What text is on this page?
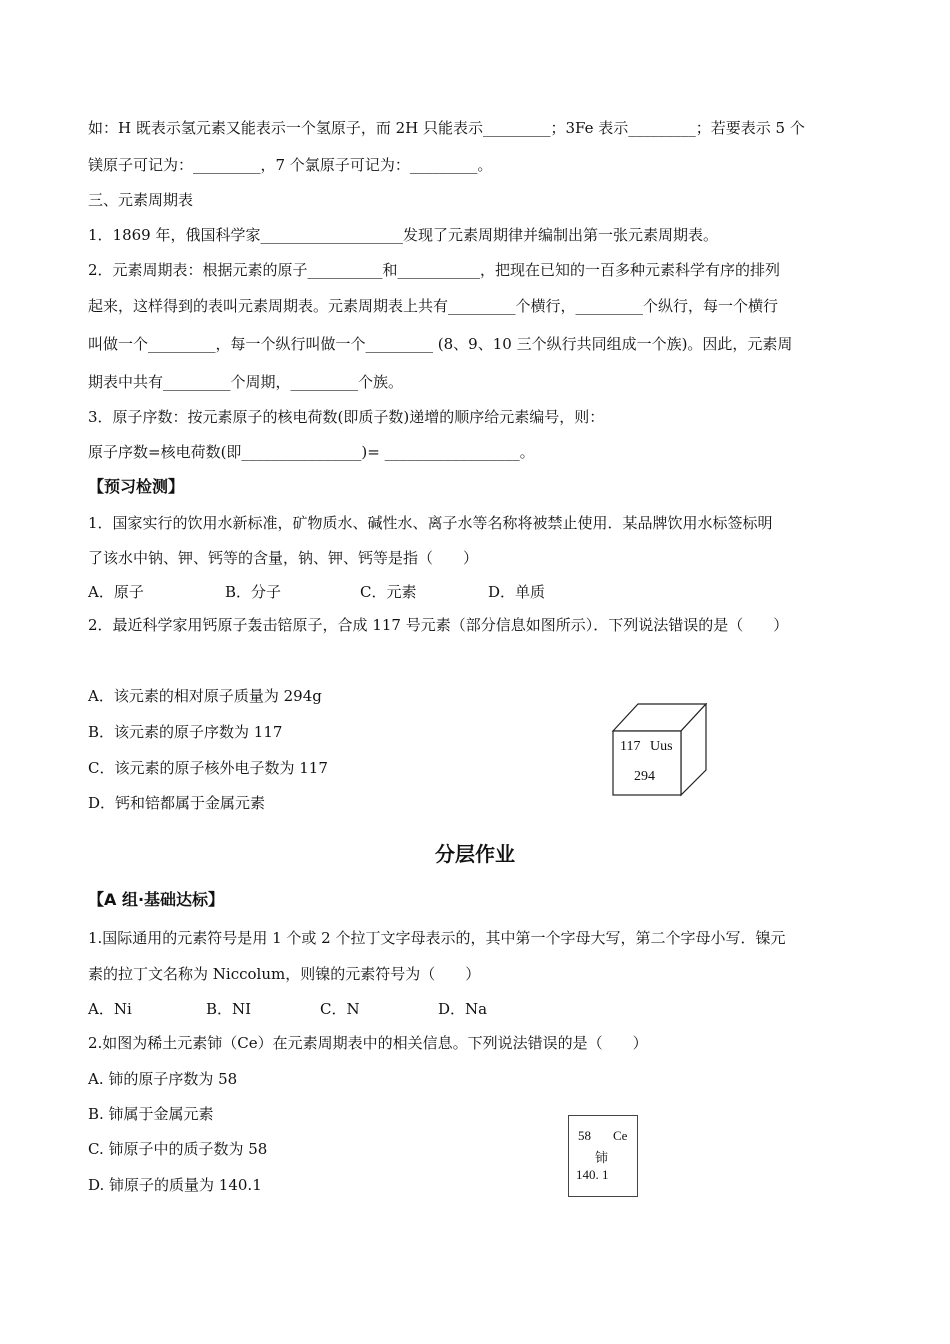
如：H 既表示氢元素又能表示一个氢原子，而 2H 只能表示_________；3Fe 表示_________；若要表示 5 个
镁原子可记为：_________，7 个氯原子可记为：_________。
三、元素周期表
1．1869 年，俄国科学家___________________发现了元素周期律并编制出第一张元素周期表。
2．元素周期表：根据元素的原子__________和___________，把现在已知的一百多种元素科学有序的排列
起来，这样得到的表叫元素周期表。元素周期表上共有_________个横行，_________个纵行，每一个横行
叫做一个_________，每一个纵行叫做一个_________ (8、9、10 三个纵行共同组成一个族)。因此，元素周
期表中共有_________个周期，_________个族。
3．原子序数：按元素原子的核电荷数(即质子数)递增的顺序给元素编号，则：
原子序数=核电荷数(即________________)= __________________。
【预习检测】
1．国家实行的饮用水新标准，矿物质水、碱性水、离子水等名称将被禁止使用．某品牌饮用水标签标明
了该水中钠、钾、钙等的含量，钠、钾、钙等是指（　　）
A．原子	B．分子	C．元素	D．单质
2．最近科学家用钙原子轰击锫原子，合成 117 号元素（部分信息如图所示）．下列说法错误的是（　　）
A．该元素的相对原子质量为 294g
B．该元素的原子序数为 117
C．该元素的原子核外电子数为 117
D．钙和锫都属于金属元素
117 Uus
294
分层作业
【A 组·基础达标】
1.国际通用的元素符号是用 1 个或 2 个拉丁文字母表示的，其中第一个字母大写，第二个字母小写．镍元
素的拉丁文名称为 Niccolum，则镍的元素符号为（　　）
A．Ni	B．NI	C．N	D．Na
2.如图为稀土元素铈（Ce）在元素周期表中的相关信息。下列说法错误的是（　　）
A. 铈的原子序数为 58
B. 铈属于金属元素
C. 铈原子中的质子数为 58
D. 铈原子的质量为 140.1
58 Ce
铈
140. 1
